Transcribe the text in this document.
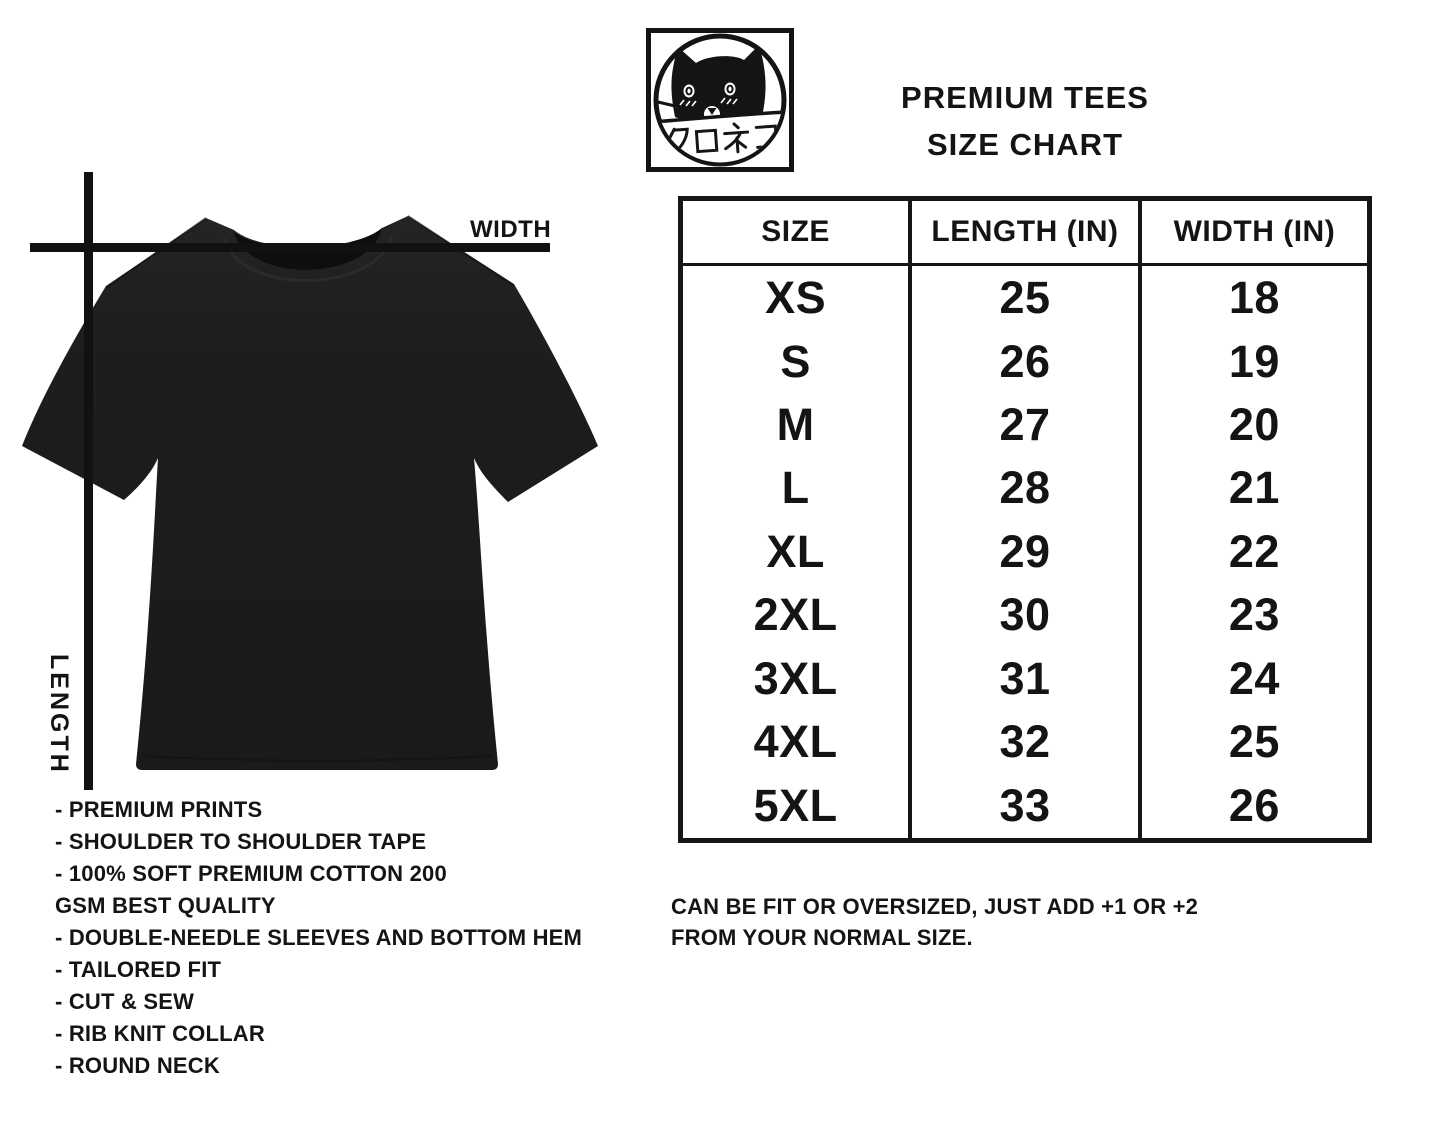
WIDTH
LENGTH
- PREMIUM PRINTS
- SHOULDER TO SHOULDER TAPE
- 100% SOFT PREMIUM COTTON 200
GSM BEST QUALITY
- DOUBLE-NEEDLE SLEEVES AND BOTTOM HEM
- TAILORED FIT
- CUT & SEW
- RIB KNIT COLLAR
- ROUND NECK
PREMIUM TEES
SIZE CHART
SIZE	LENGTH (IN)	WIDTH (IN)
XS	25	18
S	26	19
M	27	20
L	28	21
XL	29	22
2XL	30	23
3XL	31	24
4XL	32	25
5XL	33	26
CAN BE FIT OR OVERSIZED, JUST ADD +1 OR +2
FROM YOUR NORMAL SIZE.
